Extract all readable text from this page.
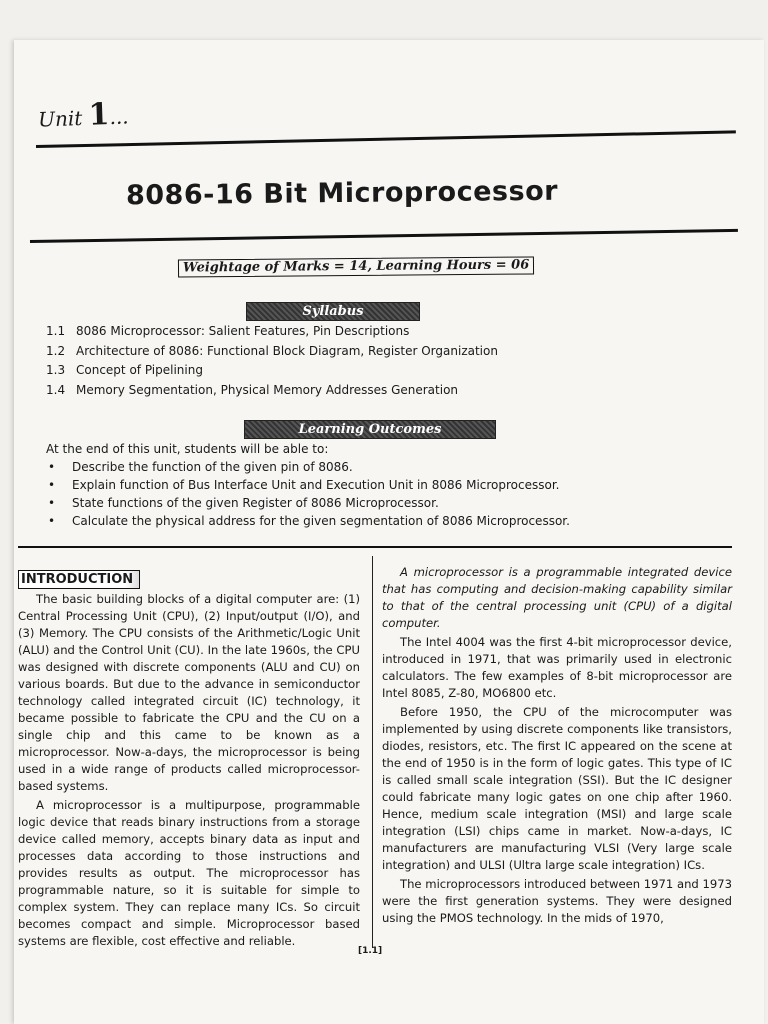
Unit 1...
8086-16 Bit Microprocessor
Weightage of Marks = 14, Learning Hours = 06
Syllabus
1.1 8086 Microprocessor: Salient Features, Pin Descriptions
1.2 Architecture of 8086: Functional Block Diagram, Register Organization
1.3 Concept of Pipelining
1.4 Memory Segmentation, Physical Memory Addresses Generation
Learning Outcomes
At the end of this unit, students will be able to:
•	Describe the function of the given pin of 8086.
•	Explain function of Bus Interface Unit and Execution Unit in 8086 Microprocessor.
•	State functions of the given Register of 8086 Microprocessor.
•	Calculate the physical address for the given segmentation of 8086 Microprocessor.
INTRODUCTION

The basic building blocks of a digital computer are: (1) Central Processing Unit (CPU), (2) Input/output (I/O), and (3) Memory. The CPU consists of the Arithmetic/Logic Unit (ALU) and the Control Unit (CU). In the late 1960s, the CPU was designed with discrete components (ALU and CU) on various boards. But due to the advance in semiconductor technology called integrated circuit (IC) technology, it became possible to fabricate the CPU and the CU on a single chip and this came to be known as a microprocessor. Now-a-days, the microprocessor is being used in a wide range of products called microprocessor-based systems.

A microprocessor is a multipurpose, programmable logic device that reads binary instructions from a storage device called memory, accepts binary data as input and processes data according to those instructions and provides results as output. The microprocessor has programmable nature, so it is suitable for simple to complex system. They can replace many ICs. So circuit becomes compact and simple. Microprocessor based systems are flexible, cost effective and reliable.

A microprocessor is a programmable integrated device that has computing and decision-making capability similar to that of the central processing unit (CPU) of a digital computer.

The Intel 4004 was the first 4-bit microprocessor device, introduced in 1971, that was primarily used in electronic calculators. The few examples of 8-bit microprocessor are Intel 8085, Z-80, MO6800 etc.

Before 1950, the CPU of the microcomputer was implemented by using discrete components like transistors, diodes, resistors, etc. The first IC appeared on the scene at the end of 1950 is in the form of logic gates. This type of IC is called small scale integration (SSI). But the IC designer could fabricate many logic gates on one chip after 1960. Hence, medium scale integration (MSI) and large scale integration (LSI) chips came in market. Now-a-days, IC manufacturers are manufacturing VLSI (Very large scale integration) and ULSI (Ultra large scale integration) ICs.

The microprocessors introduced between 1971 and 1973 were the first generation systems. They were designed using the PMOS technology. In the mids of 1970,

[1.1]
